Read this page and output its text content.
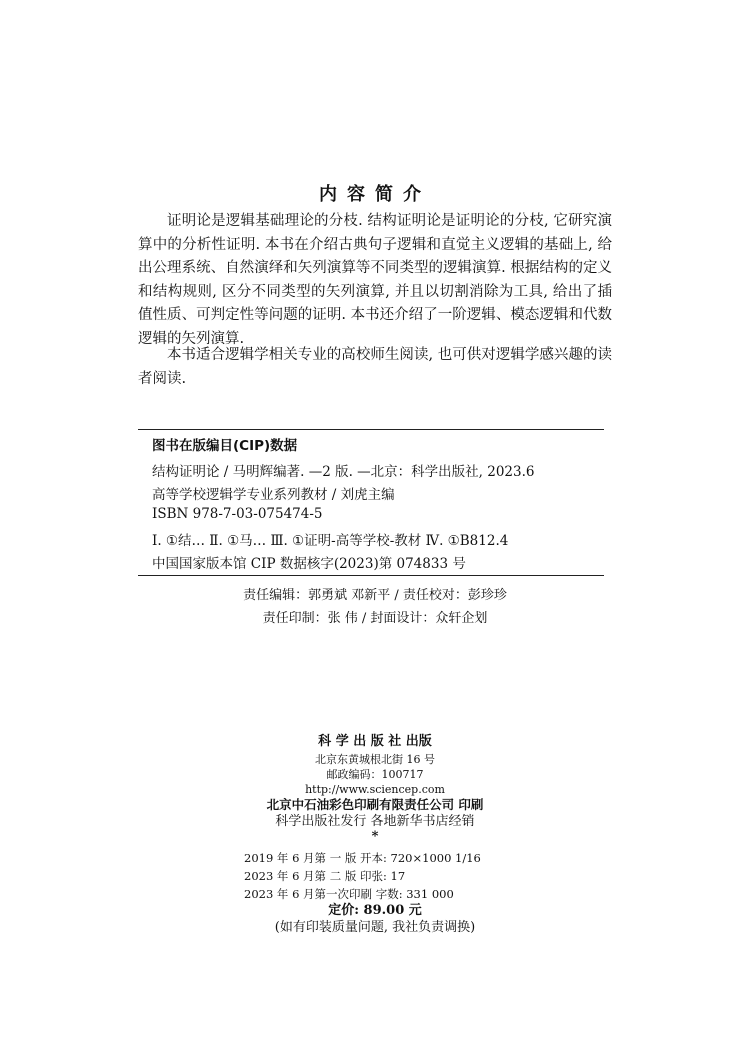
内容简介
证明论是逻辑基础理论的分枝. 结构证明论是证明论的分枝, 它研究演算中的分析性证明. 本书在介绍古典句子逻辑和直觉主义逻辑的基础上, 给出公理系统、自然演绎和矢列演算等不同类型的逻辑演算. 根据结构的定义和结构规则, 区分不同类型的矢列演算, 并且以切割消除为工具, 给出了插值性质、可判定性等问题的证明. 本书还介绍了一阶逻辑、模态逻辑和代数逻辑的矢列演算.
本书适合逻辑学相关专业的高校师生阅读, 也可供对逻辑学感兴趣的读者阅读.
图书在版编目(CIP)数据
结构证明论 / 马明辉编著. —2 版. —北京：科学出版社, 2023.6
高等学校逻辑学专业系列教材 / 刘虎主编
ISBN 978-7-03-075474-5
Ⅰ. ①结… Ⅱ. ①马… Ⅲ. ①证明-高等学校-教材 Ⅳ. ①B812.4
中国国家版本馆 CIP 数据核字(2023)第 074833 号
责任编辑：郭勇斌 邓新平 / 责任校对：彭珍珍
责任印制：张 伟 / 封面设计：众轩企划
科 学 出 版 社 出版
北京东黄城根北街 16 号
邮政编码：100717
http://www.sciencep.com
北京中石油彩色印刷有限责任公司 印刷
科学出版社发行 各地新华书店经销
*
2019 年 6 月第 一 版 开本: 720×1000 1/16
2023 年 6 月第 二 版 印张: 17
2023 年 6 月第一次印刷 字数: 331 000
定价: 89.00 元
(如有印装质量问题, 我社负责调换)
